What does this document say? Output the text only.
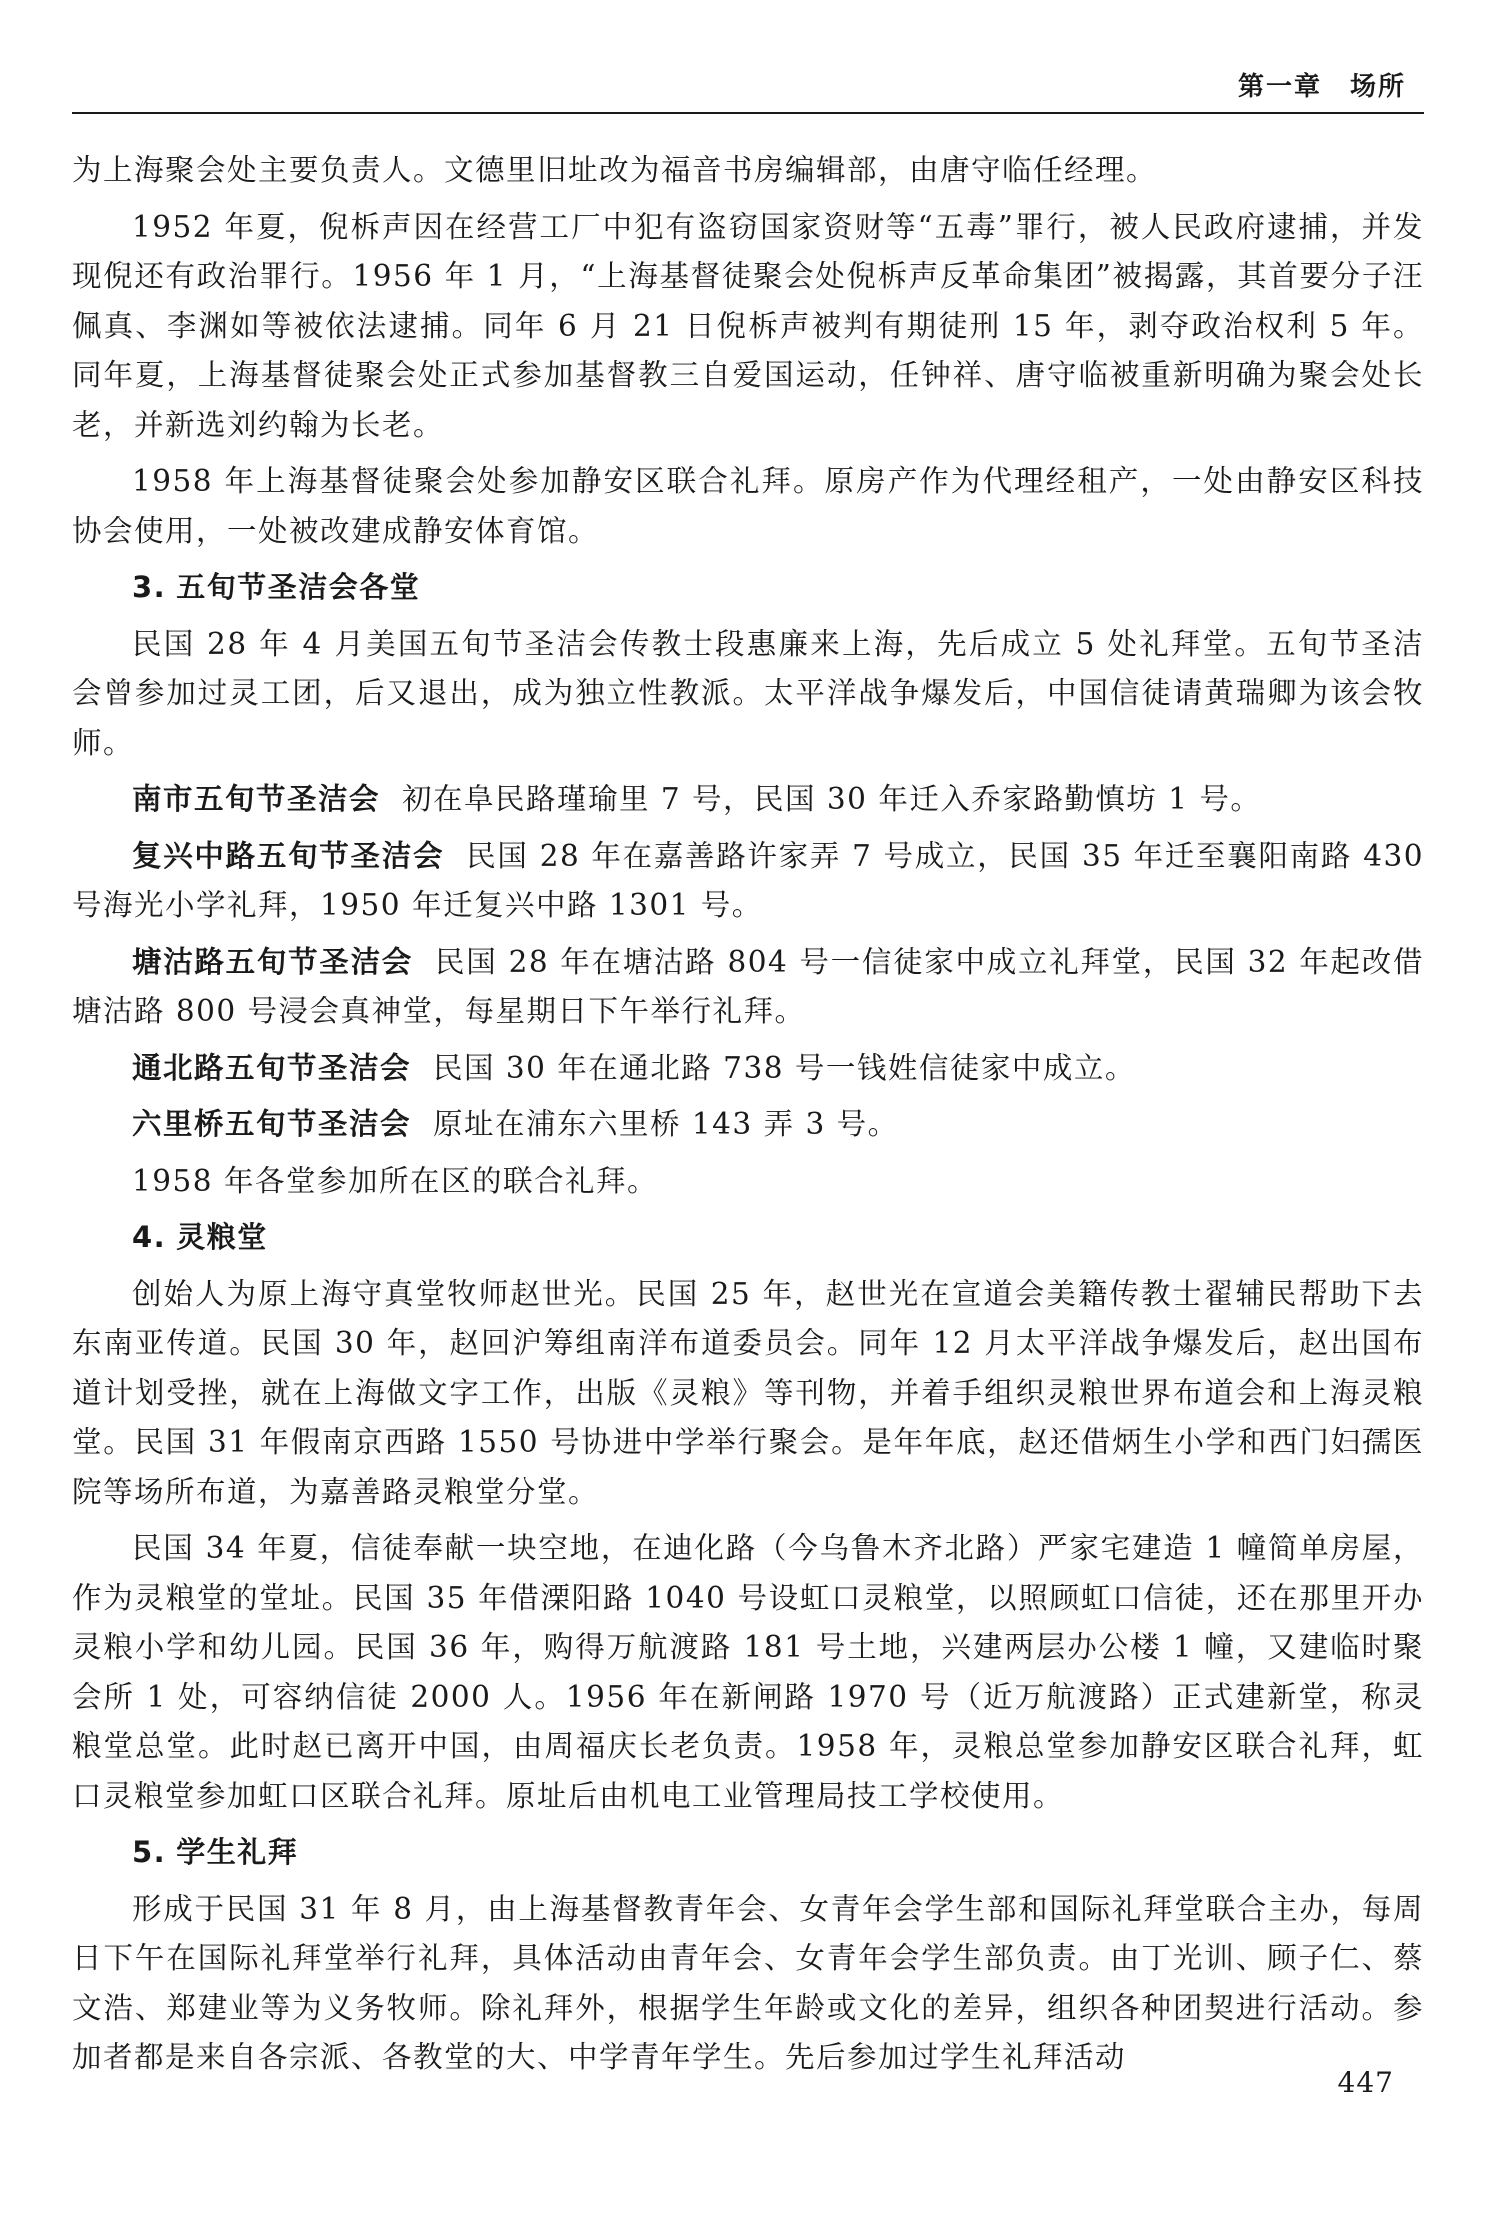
第一章　场所

为上海聚会处主要负责人。文德里旧址改为福音书房编辑部，由唐守临任经理。

1952 年夏，倪柝声因在经营工厂中犯有盗窃国家资财等“五毒”罪行，被人民政府逮捕，并发现倪还有政治罪行。1956 年 1 月，“上海基督徒聚会处倪柝声反革命集团”被揭露，其首要分子汪佩真、李渊如等被依法逮捕。同年 6 月 21 日倪柝声被判有期徒刑 15 年，剥夺政治权利 5 年。同年夏，上海基督徒聚会处正式参加基督教三自爱国运动，任钟祥、唐守临被重新明确为聚会处长老，并新选刘约翰为长老。

1958 年上海基督徒聚会处参加静安区联合礼拜。原房产作为代理经租产，一处由静安区科技协会使用，一处被改建成静安体育馆。

3. 五旬节圣洁会各堂

民国 28 年 4 月美国五旬节圣洁会传教士段惠廉来上海，先后成立 5 处礼拜堂。五旬节圣洁会曾参加过灵工团，后又退出，成为独立性教派。太平洋战争爆发后，中国信徒请黄瑞卿为该会牧师。

南市五旬节圣洁会 初在阜民路瑾瑜里 7 号，民国 30 年迁入乔家路勤慎坊 1 号。

复兴中路五旬节圣洁会 民国 28 年在嘉善路许家弄 7 号成立，民国 35 年迁至襄阳南路 430 号海光小学礼拜，1950 年迁复兴中路 1301 号。

塘沽路五旬节圣洁会 民国 28 年在塘沽路 804 号一信徒家中成立礼拜堂，民国 32 年起改借塘沽路 800 号浸会真神堂，每星期日下午举行礼拜。

通北路五旬节圣洁会 民国 30 年在通北路 738 号一钱姓信徒家中成立。

六里桥五旬节圣洁会 原址在浦东六里桥 143 弄 3 号。

1958 年各堂参加所在区的联合礼拜。

4. 灵粮堂

创始人为原上海守真堂牧师赵世光。民国 25 年，赵世光在宣道会美籍传教士翟辅民帮助下去东南亚传道。民国 30 年，赵回沪筹组南洋布道委员会。同年 12 月太平洋战争爆发后，赵出国布道计划受挫，就在上海做文字工作，出版《灵粮》等刊物，并着手组织灵粮世界布道会和上海灵粮堂。民国 31 年假南京西路 1550 号协进中学举行聚会。是年年底，赵还借炳生小学和西门妇孺医院等场所布道，为嘉善路灵粮堂分堂。

民国 34 年夏，信徒奉献一块空地，在迪化路（今乌鲁木齐北路）严家宅建造 1 幢简单房屋，作为灵粮堂的堂址。民国 35 年借溧阳路 1040 号设虹口灵粮堂，以照顾虹口信徒，还在那里开办灵粮小学和幼儿园。民国 36 年，购得万航渡路 181 号土地，兴建两层办公楼 1 幢，又建临时聚会所 1 处，可容纳信徒 2000 人。1956 年在新闸路 1970 号（近万航渡路）正式建新堂，称灵粮堂总堂。此时赵已离开中国，由周福庆长老负责。1958 年，灵粮总堂参加静安区联合礼拜，虹口灵粮堂参加虹口区联合礼拜。原址后由机电工业管理局技工学校使用。

5. 学生礼拜

形成于民国 31 年 8 月，由上海基督教青年会、女青年会学生部和国际礼拜堂联合主办，每周日下午在国际礼拜堂举行礼拜，具体活动由青年会、女青年会学生部负责。由丁光训、顾子仁、蔡文浩、郑建业等为义务牧师。除礼拜外，根据学生年龄或文化的差异，组织各种团契进行活动。参加者都是来自各宗派、各教堂的大、中学青年学生。先后参加过学生礼拜活动

447
